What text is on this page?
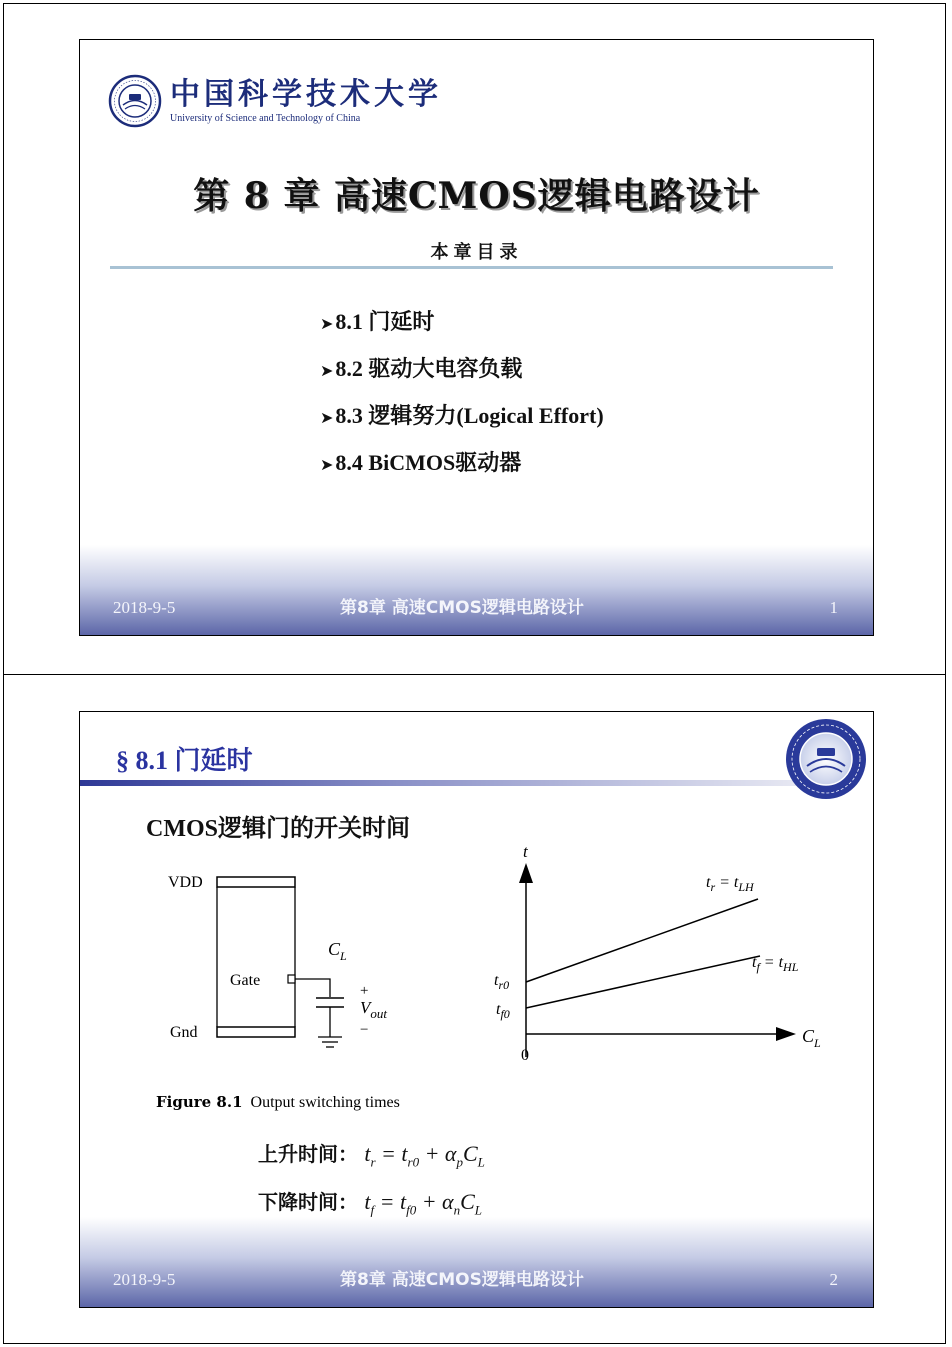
中国科学技术大学
University of Science and Technology of China
第 8 章 高速CMOS逻辑电路设计
本章目录
➤8.1 门延时
➤8.2 驱动大电容负载
➤8.3 逻辑努力(Logical Effort)
➤8.4 BiCMOS驱动器
2018-9-5	第8章 高速CMOS逻辑电路设计	1
§ 8.1 门延时
CMOS逻辑门的开关时间
VDD
Gate
Gnd
$C_L$
+
$V_{out}$
−
t
0
$C_L$
$t_{r0}$
$t_{f0}$
$t_r = t_{LH}$
$t_f = t_{HL}$
Figure 8.1 Output switching times
上升时间： $t_r = t_{r0} + \alpha_pC_L$
下降时间： $t_f = t_{f0} + \alpha_nC_L$
2018-9-5	第8章 高速CMOS逻辑电路设计	2
